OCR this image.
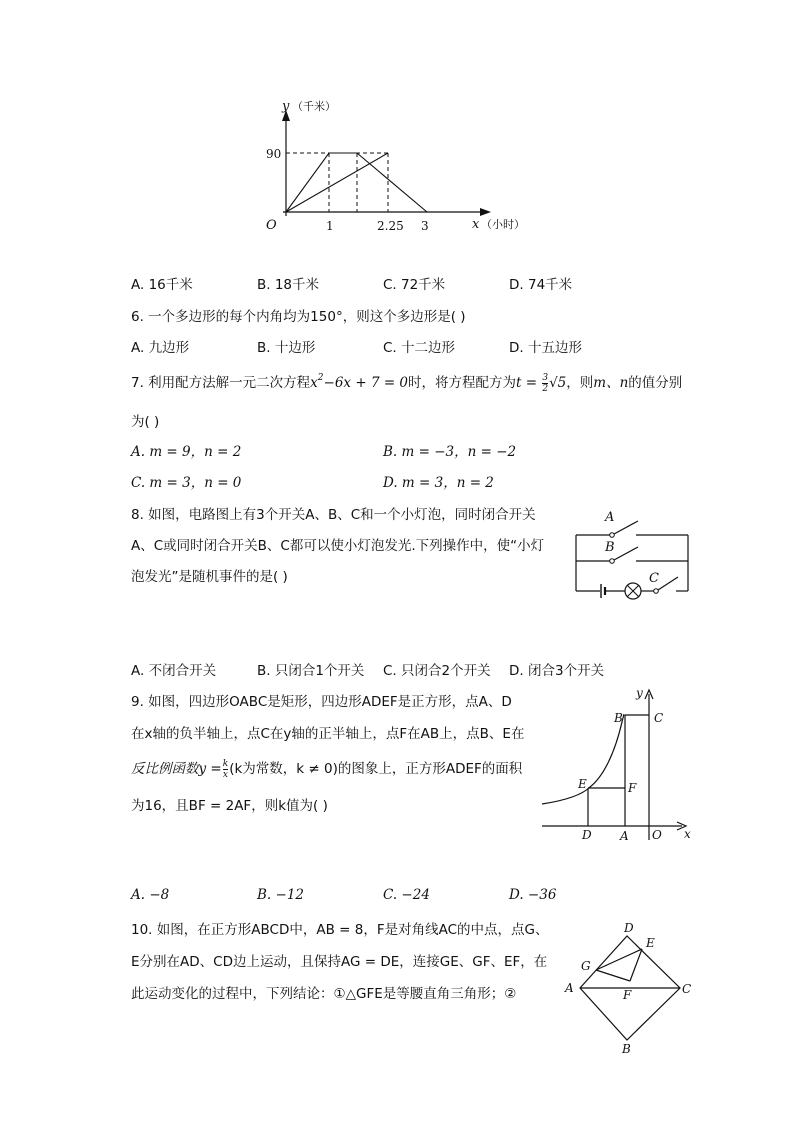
y （千米）
90
O	1	2.25 3	x （小时）
A. 16千米	B. 18千米	C. 72千米	D. 74千米
6. 一个多边形的每个内角均为150°，则这个多边形是( )
A. 九边形	B. 十边形	C. 十二边形	D. 十五边形
7. 利用配方法解一元二次方程$x^2-6x + 7 = 0$时，将方程配方为$t = \frac{3}{2} √5$，则m、n的值分别
为( )
A. m = 9，n = 2	B. m = −3，n = −2
C. m = 3，n = 0	D. m = 3，n = 2
8. 如图，电路图上有3个开关A、B、C和一个小灯泡，同时闭合开关
A、C或同时闭合开关B、C都可以使小灯泡发光.下列操作中，使“小灯
泡发光”是随机事件的是( )
A
B
C
A. 不闭合开关	B. 只闭合1个开关 C. 只闭合2个开关 D. 闭合3个开关
9. 如图，四边形OABC是矩形，四边形ADEF是正方形，点A、D
在x轴的负半轴上，点C在y轴的正半轴上，点F在AB上，点B、E在
反比例函数$y = \frac{k}{x} (k$为常数，k ≠ 0)的图象上，正方形ADEF的面积
为16，且BF = 2AF，则k值为( )
y
B	C
E	F
D A O x
A. −8	B. −12	C. −24	D. −36
10. 如图，在正方形ABCD中，AB = 8，F是对角线AC的中点，点G、
E分别在AD、CD边上运动，且保持AG = DE，连接GE、GF、EF，在
此运动变化的过程中，下列结论：①△GFE是等腰直角三角形；②
D
E
G
A	F	C
B
